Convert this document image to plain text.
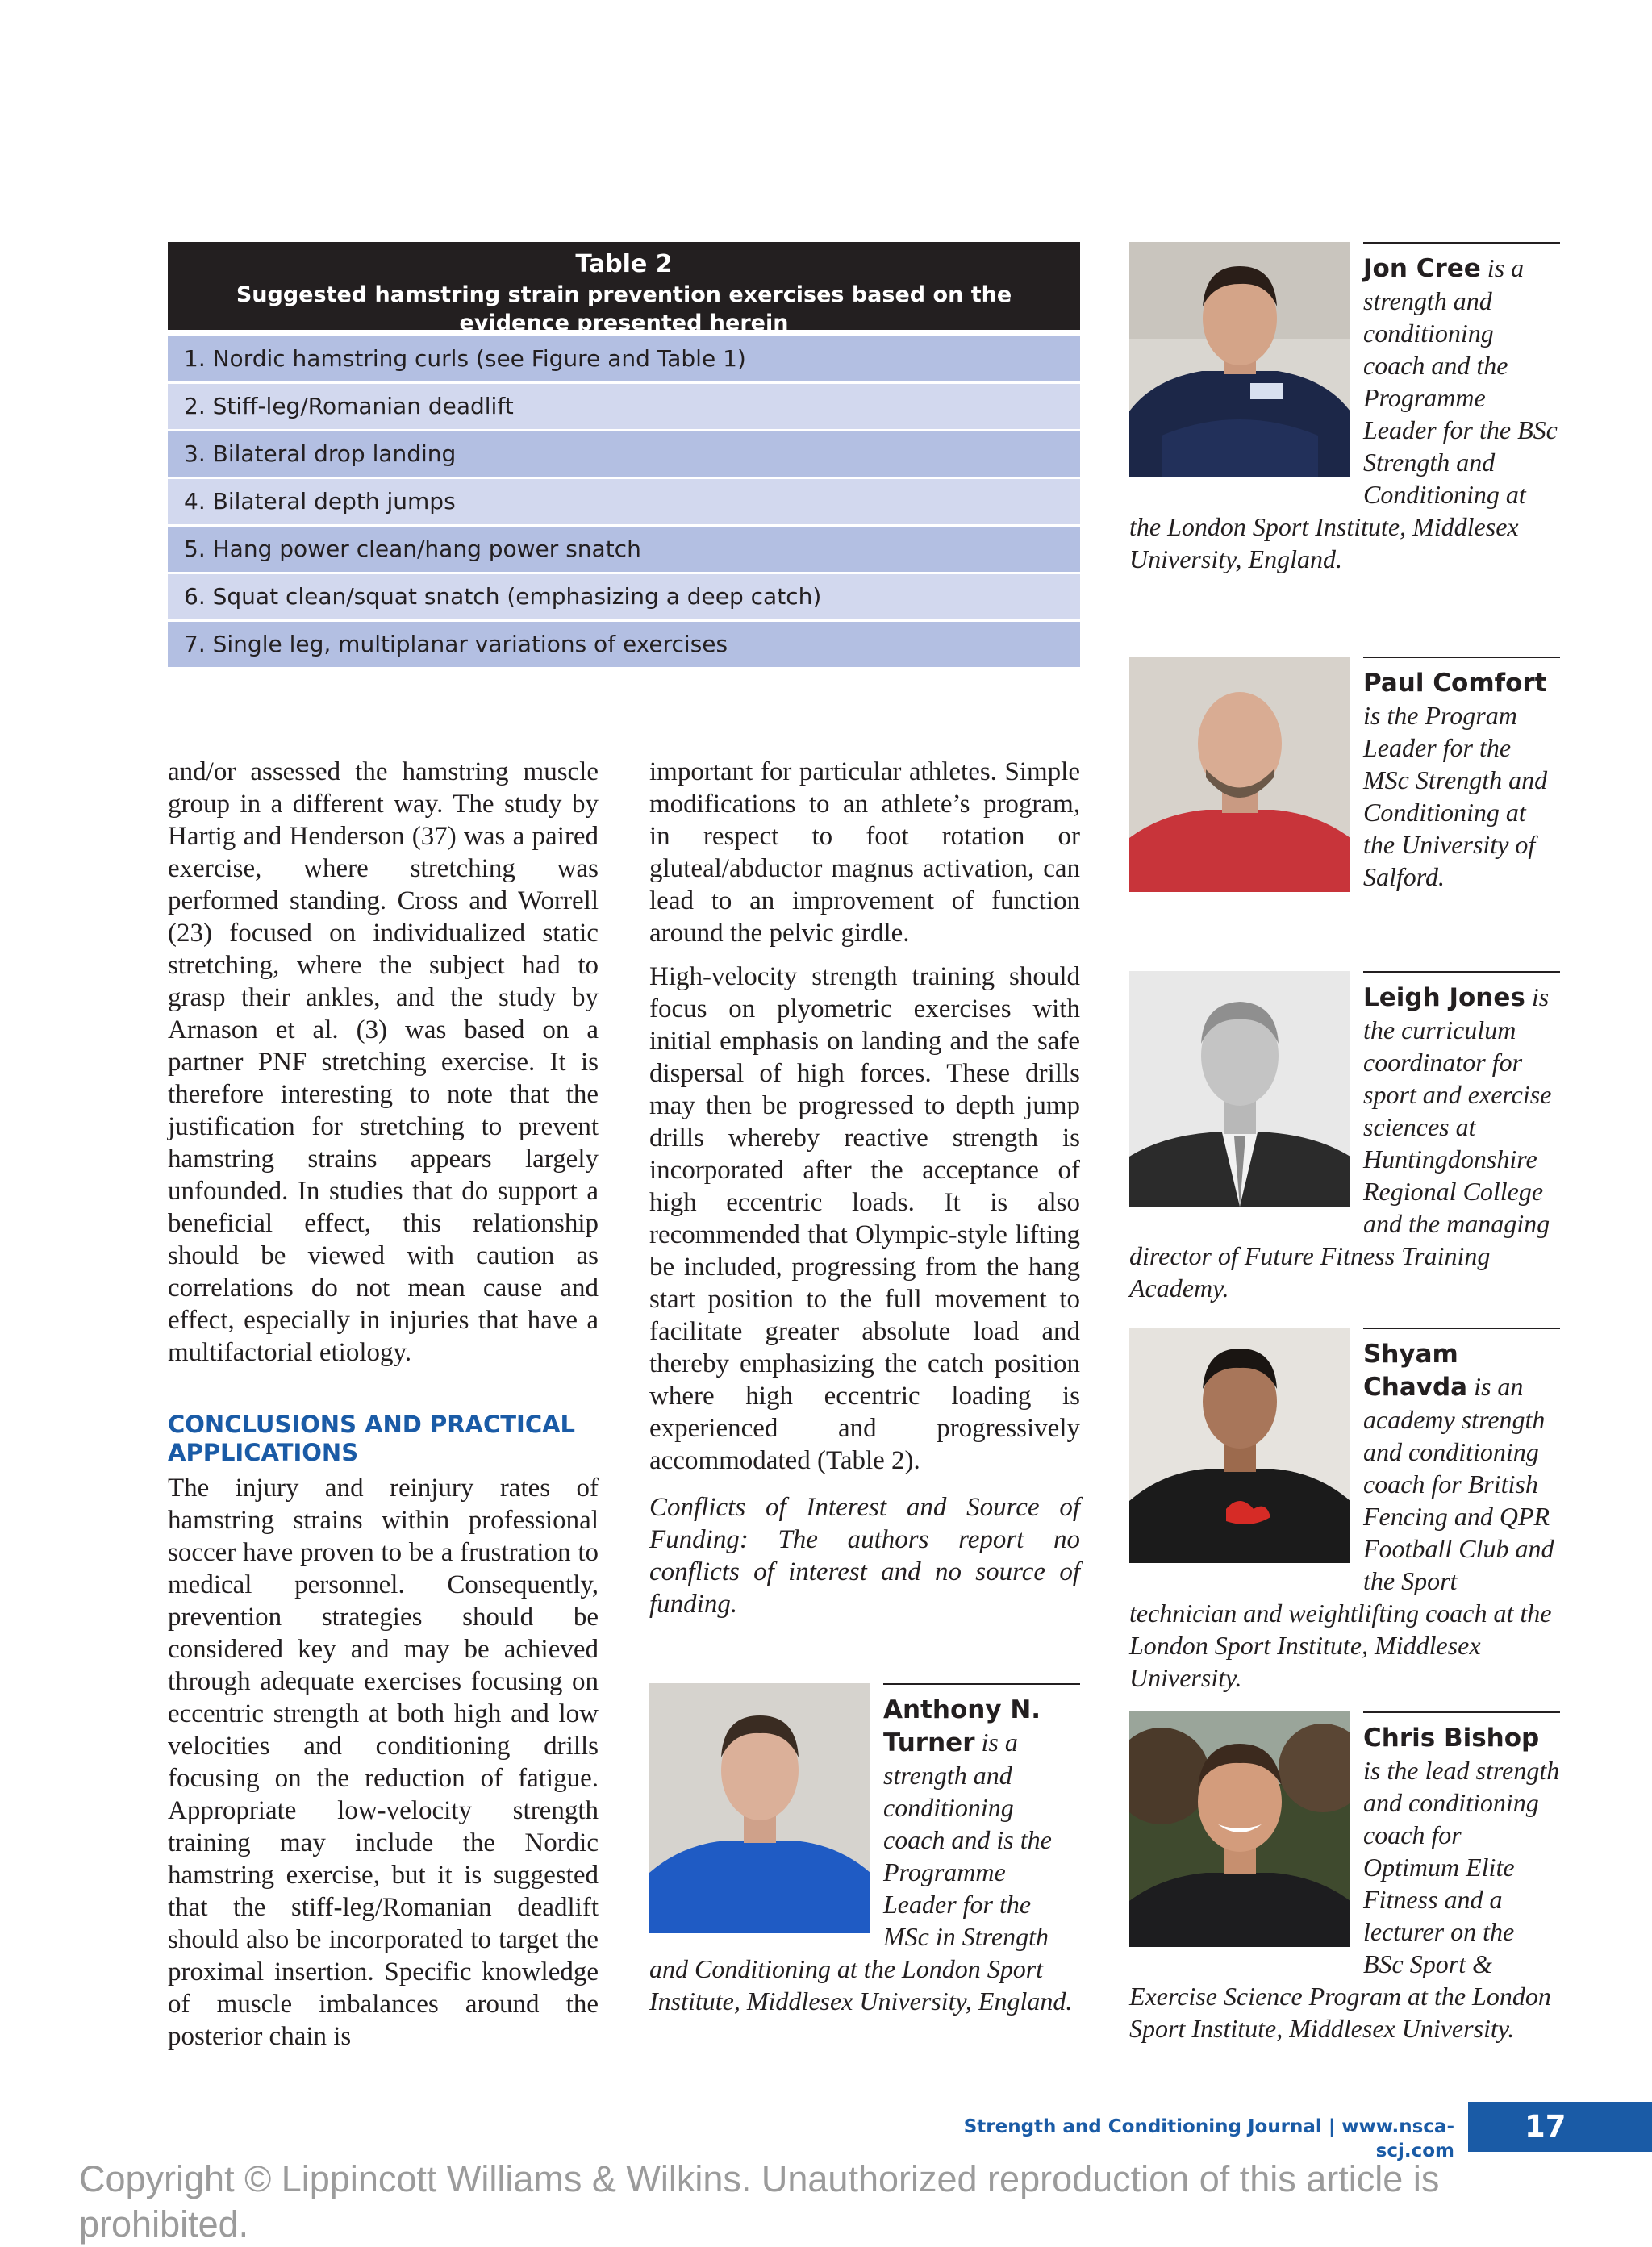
Table 2
Suggested hamstring strain prevention exercises based on the evidence presented herein
1. Nordic hamstring curls (see Figure and Table 1)
2. Stiff-leg/Romanian deadlift
3. Bilateral drop landing
4. Bilateral depth jumps
5. Hang power clean/hang power snatch
6. Squat clean/squat snatch (emphasizing a deep catch)
7. Single leg, multiplanar variations of exercises

and/or assessed the hamstring muscle group in a different way. The study by Hartig and Henderson (37) was a paired exercise, where stretching was performed standing. Cross and Worrell (23) focused on individualized static stretching, where the subject had to grasp their ankles, and the study by Arnason et al. (3) was based on a partner PNF stretching exercise. It is therefore interesting to note that the justification for stretching to prevent hamstring strains appears largely unfounded. In studies that do support a beneficial effect, this relationship should be viewed with caution as correlations do not mean cause and effect, especially in injuries that have a multifactorial etiology.

CONCLUSIONS AND PRACTICAL APPLICATIONS

The injury and reinjury rates of hamstring strains within professional soccer have proven to be a frustration to medical personnel. Consequently, prevention strategies should be considered key and may be achieved through adequate exercises focusing on eccentric strength at both high and low velocities and conditioning drills focusing on the reduction of fatigue. Appropriate low-velocity strength training may include the Nordic hamstring exercise, but it is suggested that the stiff-leg/Romanian deadlift should also be incorporated to target the proximal insertion. Specific knowledge of muscle imbalances around the posterior chain is

important for particular athletes. Simple modifications to an athlete’s program, in respect to foot rotation or gluteal/abductor magnus activation, can lead to an improvement of function around the pelvic girdle.

High-velocity strength training should focus on plyometric exercises with initial emphasis on landing and the safe dispersal of high forces. These drills may then be progressed to depth jump drills whereby reactive strength is incorporated after the acceptance of high eccentric loads. It is also recommended that Olympic-style lifting be included, progressing from the hang start position to the full movement to facilitate greater absolute load and thereby emphasizing the catch position where high eccentric loading is experienced and progressively accommodated (Table 2).

Conflicts of Interest and Source of Funding: The authors report no conflicts of interest and no source of funding.

Jon Cree is a strength and conditioning coach and the Programme Leader for the BSc Strength and Conditioning at the London Sport Institute, Middlesex University, England.
Paul Comfort is the Program Leader for the MSc Strength and Conditioning at the University of Salford.
Leigh Jones is the curriculum coordinator for sport and exercise sciences at Huntingdonshire Regional College and the managing director of Future Fitness Training Academy.
Shyam Chavda is an academy strength and conditioning coach for British Fencing and QPR Football Club and the Sport technician and weightlifting coach at the London Sport Institute, Middlesex University.
Anthony N. Turner is a strength and conditioning coach and is the Programme Leader for the MSc in Strength and Conditioning at the London Sport Institute, Middlesex University, England.
Chris Bishop is the lead strength and conditioning coach for Optimum Elite Fitness and a lecturer on the BSc Sport & Exercise Science Program at the London Sport Institute, Middlesex University.
Strength and Conditioning Journal | www.nsca-scj.com
17
Copyright © Lippincott Williams & Wilkins. Unauthorized reproduction of this article is prohibited.
